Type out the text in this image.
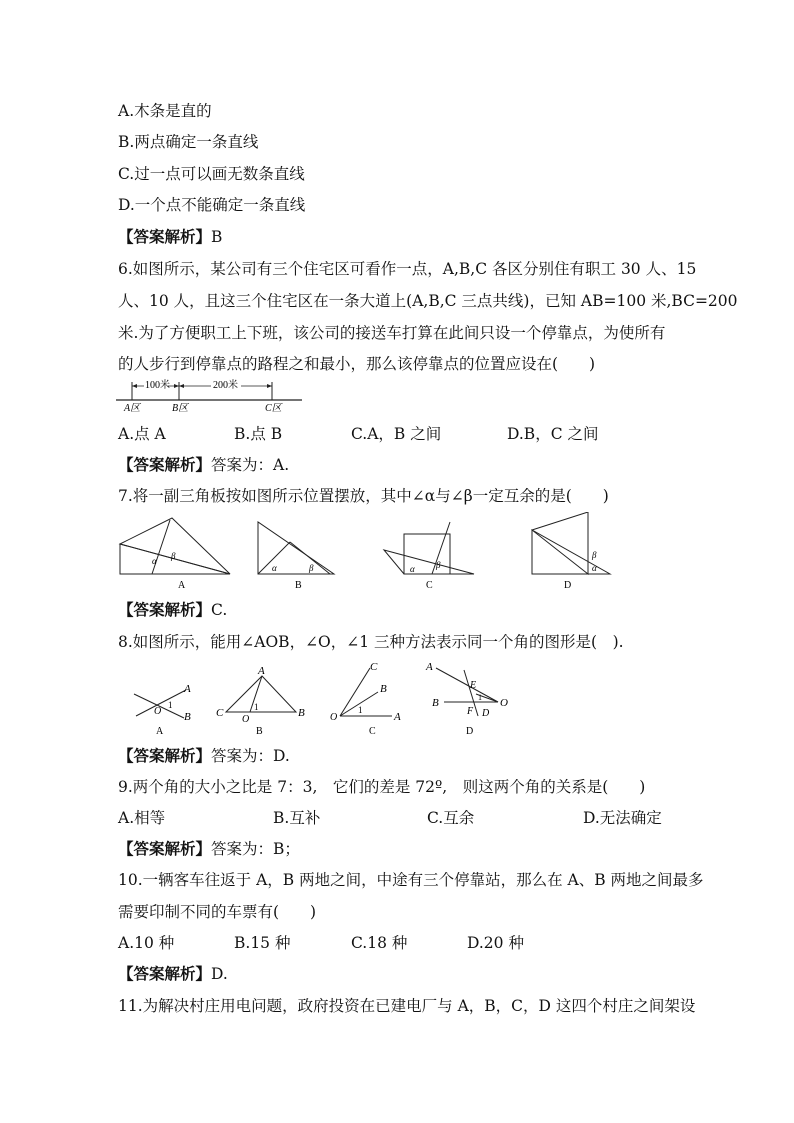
A.木条是直的
B.两点确定一条直线
C.过一点可以画无数条直线
D.一个点不能确定一条直线
【答案解析】B
6.如图所示，某公司有三个住宅区可看作一点，A,B,C 各区分别住有职工 30 人、15
人、10 人，且这三个住宅区在一条大道上(A,B,C 三点共线)，已知 AB=100 米,BC=200
米.为了方便职工上下班，该公司的接送车打算在此间只设一个停靠点，为使所有
的人步行到停靠点的路程之和最小，那么该停靠点的位置应设在(　　)
100米	200米
A区	B区	C区
A.点 A	B.点 B	C.A，B 之间	D.B，C 之间
【答案解析】答案为：A.
7.将一副三角板按如图所示位置摆放，其中∠α与∠β一定互余的是(　　)
α β
A
α	β
B
α β
C
β
α
D
【答案解析】C.
8.如图所示，能用∠AOB，∠O，∠1 三种方法表示同一个角的图形是(　).
A
B
O
1
A
A
C	B
O
1
B
C
B
A
O
1
C
A
B
E
F D
O
1
D
【答案解析】答案为：D.
9.两个角的大小之比是 7：3,　它们的差是 72º,　则这两个角的关系是(　　)
A.相等	B.互补	C.互余	D.无法确定
【答案解析】答案为：B；
10.一辆客车往返于 A，B 两地之间，中途有三个停靠站，那么在 A、B 两地之间最多
需要印制不同的车票有(　　)
A.10 种	B.15 种	C.18 种	D.20 种
【答案解析】D.
11.为解决村庄用电问题，政府投资在已建电厂与 A，B，C，D 这四个村庄之间架设
